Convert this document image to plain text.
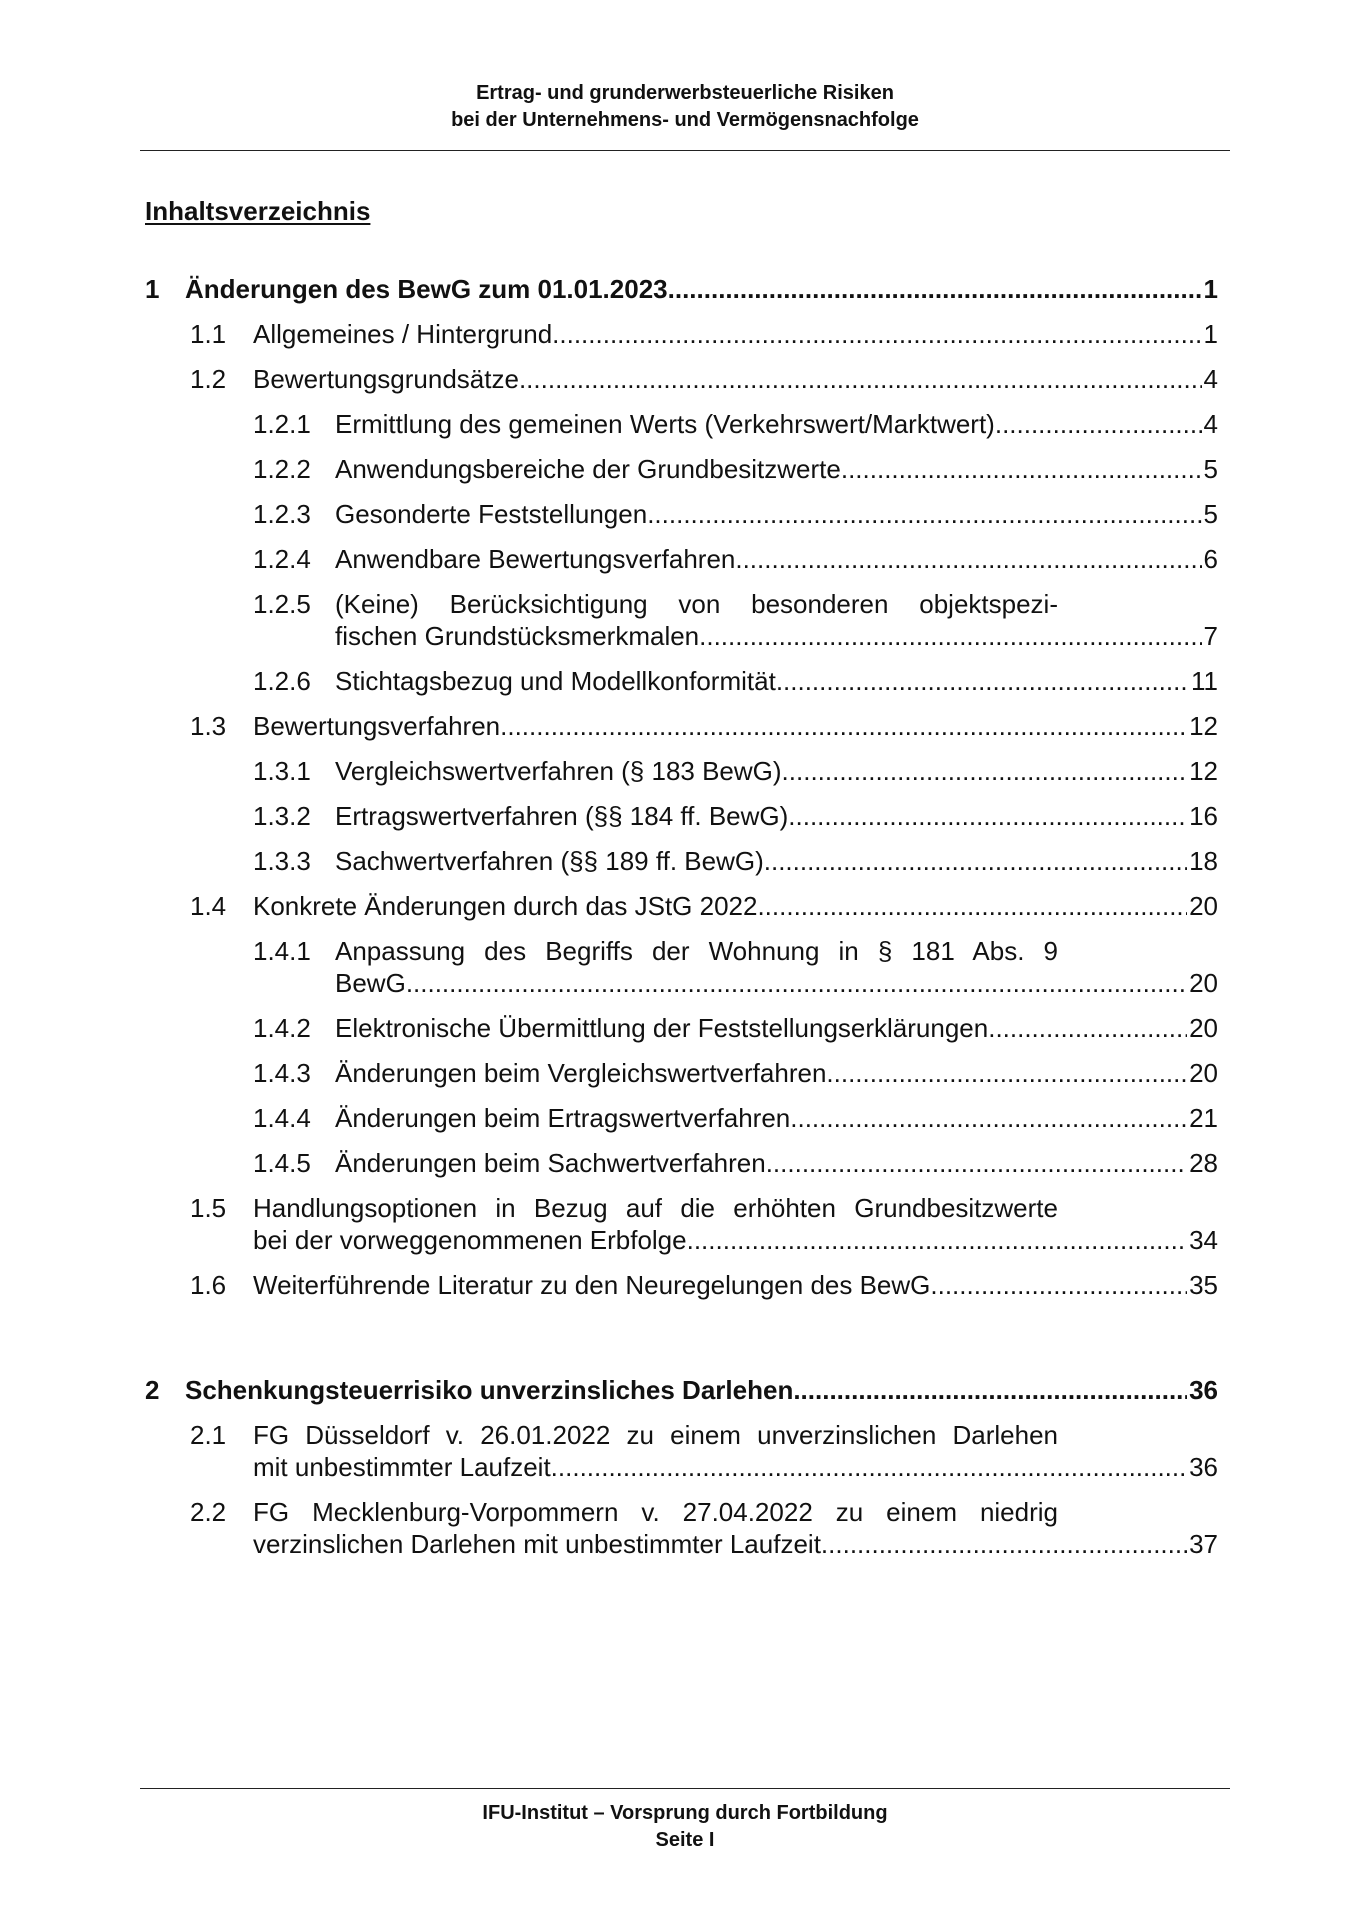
Ertrag- und grunderwerbsteuerliche Risiken
bei der Unternehmens- und Vermögensnachfolge
Inhaltsverzeichnis
1 Änderungen des BewG zum 01.01.2023 .....	1
1.1	Allgemeines / Hintergrund .....	1
1.2	Bewertungsgrundsätze .....	4
1.2.1 Ermittlung des gemeinen Werts (Verkehrswert/Marktwert) .....	4
1.2.2 Anwendungsbereiche der Grundbesitzwerte .....	5
1.2.3 Gesonderte Feststellungen .....	5
1.2.4 Anwendbare Bewertungsverfahren .....	6
1.2.5 (Keine) Berücksichtigung von besonderen objektspezi-
fischen Grundstücksmerkmalen .....	7
1.2.6 Stichtagsbezug und Modellkonformität .....	11
1.3	Bewertungsverfahren .....	12
1.3.1 Vergleichswertverfahren (§ 183 BewG) .....	12
1.3.2 Ertragswertverfahren (§§ 184 ff. BewG) .....	16
1.3.3 Sachwertverfahren (§§ 189 ff. BewG). .....	18
1.4	Konkrete Änderungen durch das JStG 2022 .....	20
1.4.1 Anpassung des Begriffs der Wohnung in § 181 Abs. 9
BewG .....	20
1.4.2 Elektronische Übermittlung der Feststellungserklärungen .....	20
1.4.3 Änderungen beim Vergleichswertverfahren .....	20
1.4.4 Änderungen beim Ertragswertverfahren .....	21
1.4.5 Änderungen beim Sachwertverfahren .....	28
1.5	Handlungsoptionen in Bezug auf die erhöhten Grundbesitzwerte
bei der vorweggenommenen Erbfolge .....	34
1.6	Weiterführende Literatur zu den Neuregelungen des BewG .....	35
2 Schenkungsteuerrisiko unverzinsliches Darlehen .....	36
2.1	FG Düsseldorf v. 26.01.2022 zu einem unverzinslichen Darlehen
mit unbestimmter Laufzeit .....	36
2.2	FG Mecklenburg-Vorpommern v. 27.04.2022 zu einem niedrig
verzinslichen Darlehen mit unbestimmter Laufzeit .....	37
IFU-Institut – Vorsprung durch Fortbildung
Seite I
